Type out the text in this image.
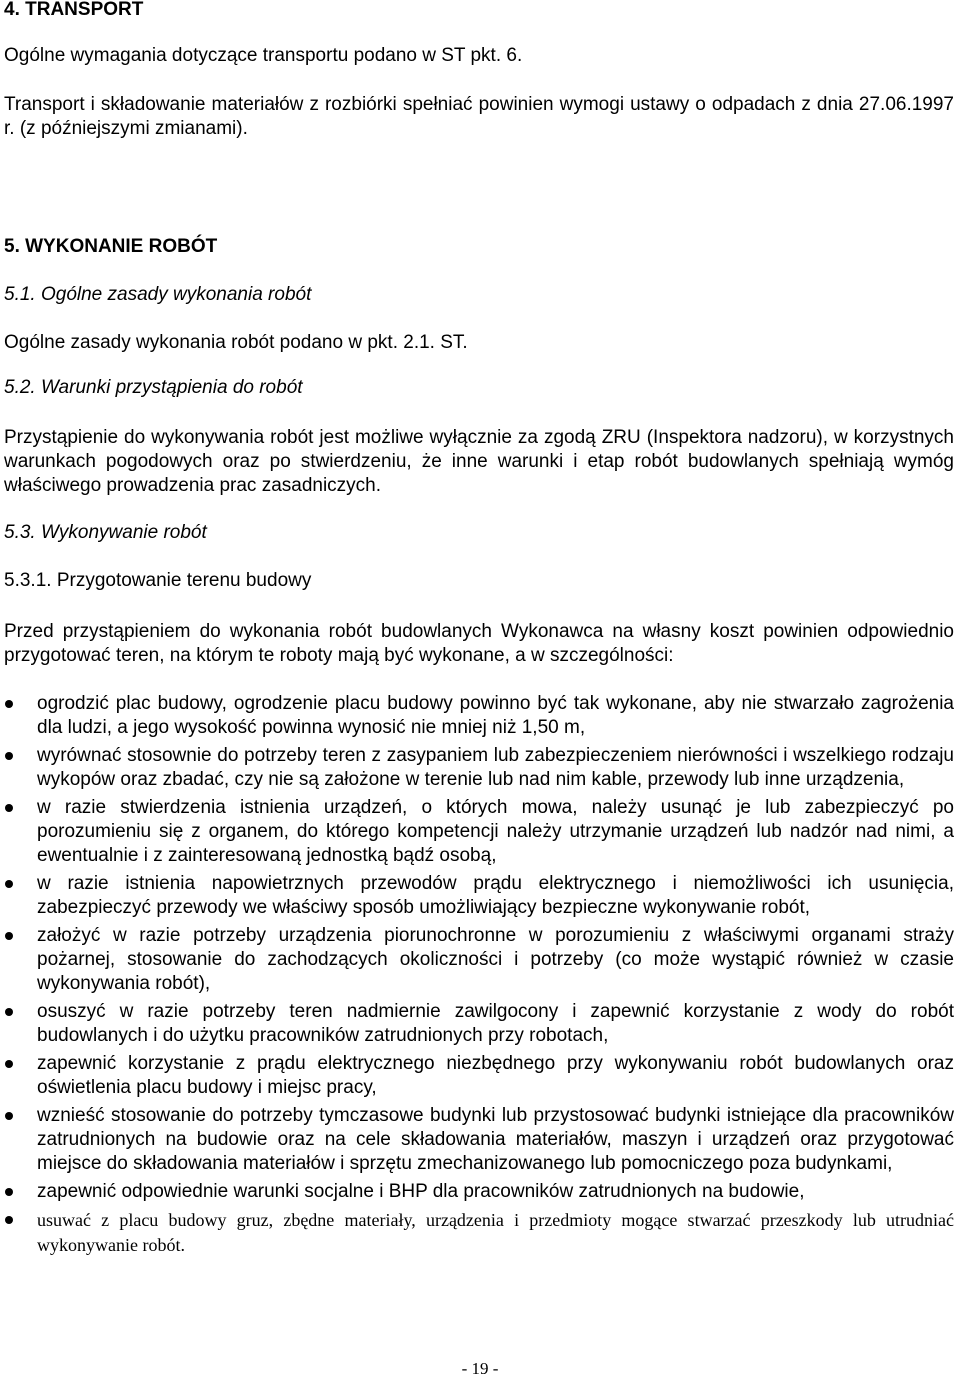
4. TRANSPORT

Ogólne wymagania dotyczące transportu podano w ST pkt. 6.

Transport i składowanie materiałów z rozbiórki spełniać powinien wymogi ustawy o odpadach z dnia 27.06.1997 r. (z późniejszymi zmianami).

5. WYKONANIE ROBÓT

5.1. Ogólne zasady wykonania robót

Ogólne zasady wykonania robót podano w pkt. 2.1. ST.

5.2. Warunki przystąpienia do robót

Przystąpienie do wykonywania robót jest możliwe wyłącznie za zgodą ZRU (Inspektora nadzoru), w korzystnych warunkach pogodowych oraz po stwierdzeniu, że inne warunki i etap robót budowlanych spełniają wymóg właściwego prowadzenia prac zasadniczych.

5.3. Wykonywanie robót

5.3.1. Przygotowanie terenu budowy

Przed przystąpieniem do wykonania robót budowlanych Wykonawca na własny koszt powinien odpowiednio przygotować teren, na którym te roboty mają być wykonane, a w szczególności:

ogrodzić plac budowy, ogrodzenie placu budowy powinno być tak wykonane, aby nie stwarzało zagrożenia dla ludzi, a jego wysokość powinna wynosić nie mniej niż 1,50 m,
wyrównać stosownie do potrzeby teren z zasypaniem lub zabezpieczeniem nierówności i wszelkiego rodzaju wykopów oraz zbadać, czy nie są założone w terenie lub nad nim kable, przewody lub inne urządzenia,
w razie stwierdzenia istnienia urządzeń, o których mowa, należy usunąć je lub zabezpieczyć po porozumieniu się z organem, do którego kompetencji należy utrzymanie urządzeń lub nadzór nad nimi, a ewentualnie i z zainteresowaną jednostką bądź osobą,
w razie istnienia napowietrznych przewodów prądu elektrycznego i niemożliwości ich usunięcia, zabezpieczyć przewody we właściwy sposób umożliwiający bezpieczne wykonywanie robót,
założyć w razie potrzeby urządzenia piorunochronne w porozumieniu z właściwymi organami straży pożarnej, stosowanie do zachodzących okoliczności i potrzeby (co może wystąpić również w czasie wykonywania robót),
osuszyć w razie potrzeby teren nadmiernie zawilgocony i zapewnić korzystanie z wody do robót budowlanych i do użytku pracowników zatrudnionych przy robotach,
zapewnić korzystanie z prądu elektrycznego niezbędnego przy wykonywaniu robót budowlanych oraz oświetlenia placu budowy i miejsc pracy,
wznieść stosowanie do potrzeby tymczasowe budynki lub przystosować budynki istniejące dla pracowników zatrudnionych na budowie oraz na cele składowania materiałów, maszyn i urządzeń oraz przygotować miejsce do składowania materiałów i sprzętu zmechanizowanego lub pomocniczego poza budynkami,
zapewnić odpowiednie warunki socjalne i BHP dla pracowników zatrudnionych na budowie,
usuwać z placu budowy gruz, zbędne materiały, urządzenia i przedmioty mogące stwarzać przeszkody lub utrudniać wykonywanie robót.
- 19 -
